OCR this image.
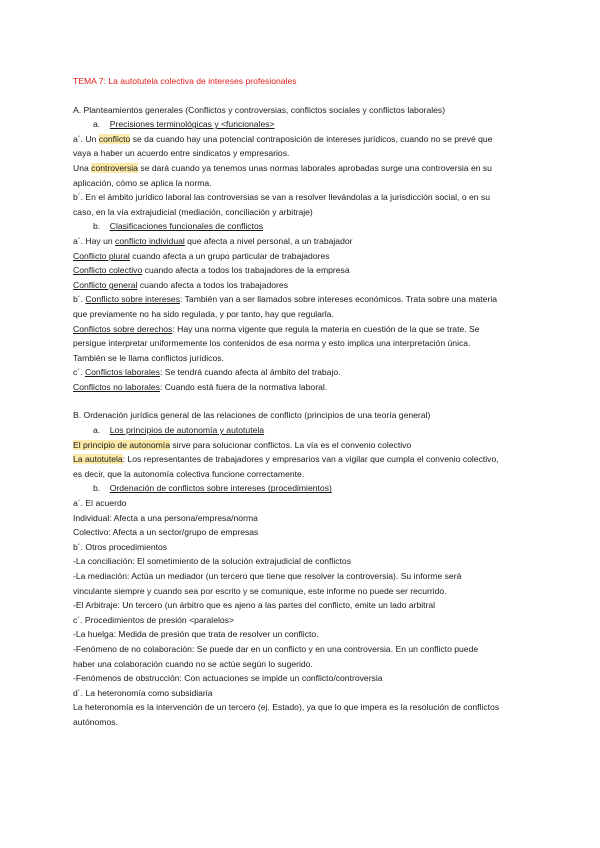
TEMA 7: La autotutela colectiva de intereses profesionales
A. Planteamientos generales (Conflictos y controversias, conflictos sociales y conflictos laborales)
a. Precisiones terminológicas y <funcionales>
a´. Un conflicto se da cuando hay una potencial contraposición de intereses jurídicos, cuando no se prevé que
vaya a haber un acuerdo entre sindicatos y empresarios.
Una controversia se dará cuando ya tenemos unas normas laborales aprobadas surge una controversia en su
aplicación, cómo se aplica la norma.
b´. En el ámbito jurídico laboral las controversias se van a resolver llevándolas a la jurisdicción social, o en su
caso, en la vía extrajudicial (mediación, conciliación y arbitraje)
b. Clasificaciones funcionales de conflictos
a´. Hay un conflicto individual que afecta a nivel personal, a un trabajador
Conflicto plural cuando afecta a un grupo particular de trabajadores
Conflicto colectivo cuando afecta a todos los trabajadores de la empresa
Conflicto general cuando afecta a todos los trabajadores
b´. Conflicto sobre intereses: También van a ser llamados sobre intereses económicos. Trata sobre una materia
que previamente no ha sido regulada, y por tanto, hay que regularla.
Conflictos sobre derechos: Hay una norma vigente que regula la materia en cuestión de la que se trate. Se
persigue interpretar uniformemente los contenidos de esa norma y esto implica una interpretación única.
También se le llama conflictos jurídicos.
c´. Conflictos laborales: Se tendrá cuando afecta al ámbito del trabajo.
Conflictos no laborales: Cuando está fuera de la normativa laboral.
B. Ordenación jurídica general de las relaciones de conflicto (principios de una teoría general)
a. Los principios de autonomía y autotutela
El principio de autonomía sirve para solucionar conflictos. La vía es el convenio colectivo
La autotutela: Los representantes de trabajadores y empresarios van a vigilar que cumpla el convenio colectivo,
es decir, que la autonomía colectiva funcione correctamente.
b. Ordenación de conflictos sobre intereses (procedimientos)
a´. El acuerdo
Individual: Afecta a una persona/empresa/norma
Colectivo: Afecta a un sector/grupo de empresas
b´. Otros procedimientos
-La conciliación: El sometimiento de la solución extrajudicial de conflictos
-La mediación: Actúa un mediador (un tercero que tiene que resolver la controversia). Su informe será
vinculante siempre y cuando sea por escrito y se comunique, este informe no puede ser recurrido.
-El Arbitraje: Un tercero (un árbitro que es ajeno a las partes del conflicto, emite un lado arbitral
c´. Procedimientos de presión <paralelos>
-La huelga: Medida de presión que trata de resolver un conflicto.
-Fenómeno de no colaboración: Se puede dar en un conflicto y en una controversia. En un conflicto puede
haber una colaboración cuando no se actúe según lo sugerido.
-Fenómenos de obstrucción: Con actuaciones se impide un conflicto/controversia
d´. La heteronomía como subsidiaria
La heteronomía es la intervención de un tercero (ej. Estado), ya que lo que impera es la resolución de conflictos
autónomos.
